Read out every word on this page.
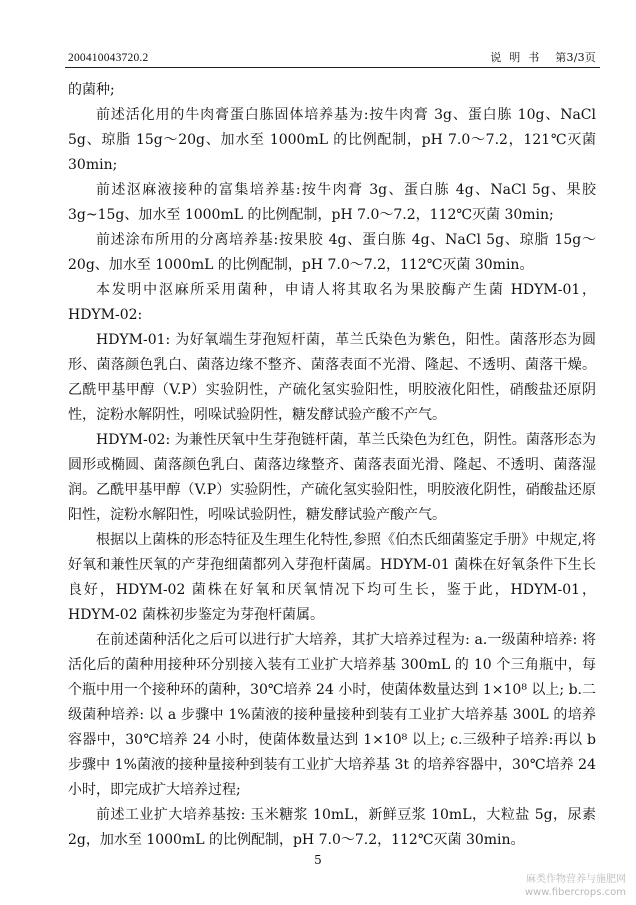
200410043720.2	说明书 第3/3页

的菌种;

前述活化用的牛肉膏蛋白胨固体培养基为:按牛肉膏 3g、蛋白胨 10g、NaCl 5g、琼脂 15g～20g、加水至 1000mL 的比例配制，pH 7.0～7.2，121℃灭菌 30min;

前述沤麻液接种的富集培养基:按牛肉膏 3g、蛋白胨 4g、NaCl 5g、果胶 3g~15g、加水至 1000mL 的比例配制，pH 7.0～7.2，112℃灭菌 30min;

前述涂布所用的分离培养基:按果胶 4g、蛋白胨 4g、NaCl 5g、琼脂 15g～20g、加水至 1000mL 的比例配制，pH 7.0～7.2，112℃灭菌 30min。

本发明中沤麻所采用菌种，申请人将其取名为果胶酶产生菌 HDYM-01，HDYM-02:

HDYM-01: 为好氧端生芽孢短杆菌，革兰氏染色为紫色，阳性。菌落形态为圆形、菌落颜色乳白、菌落边缘不整齐、菌落表面不光滑、隆起、不透明、菌落干燥。乙酰甲基甲醇（V.P）实验阴性，产硫化氢实验阳性，明胶液化阳性，硝酸盐还原阴性，淀粉水解阴性，吲哚试验阴性，糖发酵试验产酸不产气。

HDYM-02: 为兼性厌氧中生芽孢链杆菌，革兰氏染色为红色，阴性。菌落形态为圆形或椭圆、菌落颜色乳白、菌落边缘整齐、菌落表面光滑、隆起、不透明、菌落湿润。乙酰甲基甲醇（V.P）实验阴性，产硫化氢实验阳性，明胶液化阴性，硝酸盐还原阳性，淀粉水解阳性，吲哚试验阴性，糖发酵试验产酸产气。

根据以上菌株的形态特征及生理生化特性,参照《伯杰氏细菌鉴定手册》中规定,将好氧和兼性厌氧的产芽孢细菌都列入芽孢杆菌属。HDYM-01 菌株在好氧条件下生长良好，HDYM-02 菌株在好氧和厌氧情况下均可生长，鉴于此，HDYM-01，HDYM-02 菌株初步鉴定为芽孢杆菌属。

在前述菌种活化之后可以进行扩大培养，其扩大培养过程为: a.一级菌种培养: 将活化后的菌种用接种环分别接入装有工业扩大培养基 300mL 的 10 个三角瓶中，每个瓶中用一个接种环的菌种，30℃培养 24 小时，使菌体数量达到 1×10⁸ 以上; b.二级菌种培养: 以 a 步骤中 1%菌液的接种量接种到装有工业扩大培养基 300L 的培养容器中，30℃培养 24 小时，使菌体数量达到 1×10⁸ 以上; c.三级种子培养:再以 b 步骤中 1%菌液的接种量接种到装有工业扩大培养基 3t 的培养容器中，30℃培养 24 小时，即完成扩大培养过程;

前述工业扩大培养基按: 玉米糖浆 10mL，新鲜豆浆 10mL，大粒盐 5g，尿素 2g，加水至 1000mL 的比例配制，pH 7.0～7.2，112℃灭菌 30min。

5
麻类作物营养与施肥网
www.fibercrops.com
